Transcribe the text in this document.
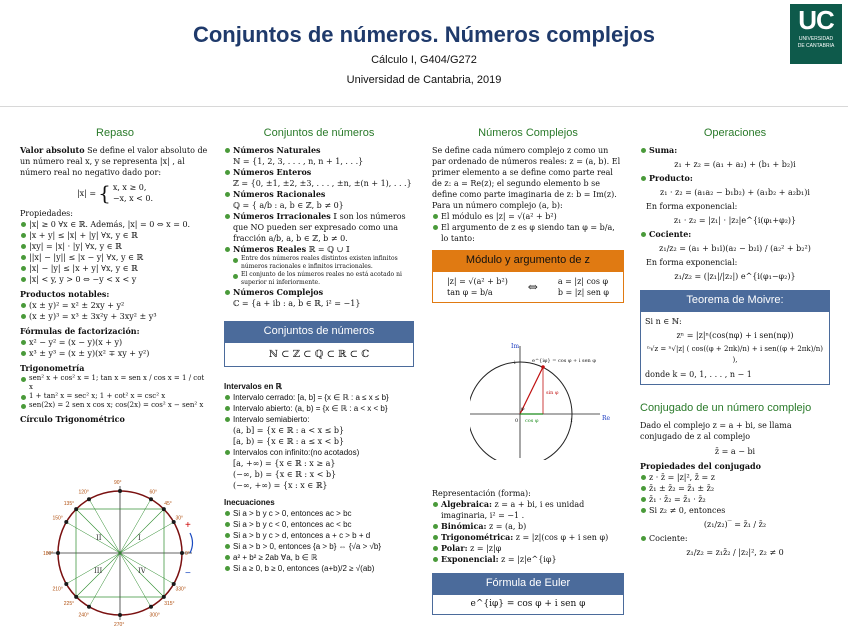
Conjuntos de números. Números complejos
Cálculo I, G404/G272
Universidad de Cantabria, 2019
UC
UNIVERSIDAD
DE CANTABRIA
Repaso
Valor absoluto Se define el valor absoluto de un número real x, y se representa |x| , al número real no negativo dado por:
|x| = { x, x ≥ 0,
−x, x < 0.
Propiedades:
|x| ≥ 0 ∀x ∈ ℝ. Además, |x| = 0 ⇔ x = 0.
|x + y| ≤ |x| + |y| ∀x, y ∈ ℝ
|xy| = |x| · |y| ∀x, y ∈ ℝ
||x| − |y|| ≤ |x − y| ∀x, y ∈ ℝ
|x| − |y| ≤ |x + y| ∀x, y ∈ ℝ
|x| < y, y > 0 ⇔ −y < x < y
Productos notables:
(x ± y)² = x² ± 2xy + y²
(x ± y)³ = x³ ± 3x²y + 3xy² ± y³
Fórmulas de factorización:
x² − y² = (x − y)(x + y)
x³ ± y³ = (x ± y)(x² ∓ xy + y²)
Trigonometría
sen² x + cos² x = 1; tan x = sen x / cos x = 1 / cot x
1 + tan² x = sec² x; 1 + cot² x = csc² x
sen(2x) = 2 sen x cos x; cos(2x) = cos² x − sen² x
Círculo Trigonométrico
90°
60°
45°
30°
0°
330°
315°
300°
270°
240°
225°
210°
180°
150°
135°
120°
+
−
I
II
III	IV
Conjuntos de números
Números Naturales
ℕ = {1, 2, 3, . . . , n, n + 1, . . .}
Números Enteros
ℤ = {0, ±1, ±2, ±3, . . . , ±n, ±(n + 1), . . .}
Números Racionales
ℚ = { a/b : a, b ∈ ℤ, b ≠ 0}
Números Irracionales 𝕀 son los números que NO pueden ser expresado como una fracción a/b, a, b ∈ ℤ, b ≠ 0.
Números Reales ℝ = ℚ ∪ 𝕀
Entre dos números reales distintos existen infinitos números racionales e infinitos irracionales.
El conjunto de los números reales no está acotado ni superior ni inferiormente.
Números Complejos
ℂ = {a + ib : a, b ∈ ℝ, i² = −1}
Conjuntos de números
ℕ ⊂ ℤ ⊂ ℚ ⊂ ℝ ⊂ ℂ
Intervalos en ℝ
Intervalo cerrado: [a, b] = {x ∈ ℝ : a ≤ x ≤ b}
Intervalo abierto: (a, b) = {x ∈ ℝ : a < x < b}
Intervalo semiabierto:
(a, b] = {x ∈ ℝ : a < x ≤ b}
[a, b) = {x ∈ ℝ : a ≤ x < b}
Intervalos con infinito:(no acotados)
[a, +∞) = {x ∈ ℝ : x ≥ a}
(−∞, b) = {x ∈ ℝ : x < b}
(−∞, +∞) = {x : x ∈ ℝ}
Inecuaciones
Si a > b y c > 0, entonces ac > bc
Si a > b y c < 0, entonces ac < bc
Si a > b y c > d, entonces a + c > b + d
Si a > b > 0, entonces {a > b} ⇔ {√a > √b}
a² + b² ≥ 2ab ∀a, b ∈ ℝ
Si a ≥ 0, b ≥ 0, entonces (a+b)/2 ≥ √(ab)
Números Complejos
Se define cada número complejo z como un par ordenado de números reales: z = (a, b). El primer elemento a se define como parte real de z: a = Re(z); el segundo elemento b se define como parte imaginaria de z: b = Im(z).
Para un número complejo (a, b):
El módulo es |z| = √(a² + b²)
El argumento de z es φ siendo tan φ = b/a, lo tanto:
Módulo y argumento de z
|z| = √(a² + b²)
tan φ = b/a	⇔ a = |z| cos φ
b = |z| sen φ
Im
Re
e^{iφ} = cos φ + i sen φ
sin φ
cos φ
φ
0	1
i
Representación (forma):
Algebraica: z = a + bi, i es unidad imaginaria, i² = −1 .
Binómica: z = (a, b)
Trigonométrica: z = |z|(cos φ + i sen φ)
Polar: z = |z|φ
Exponencial: z = |z|e^{iφ}
Fórmula de Euler
e^{iφ} = cos φ + i sen φ
Operaciones
Suma:
z₁ + z₂ = (a₁ + a₂) + (b₁ + b₂)i
Producto:
z₁ · z₂ = (a₁a₂ − b₁b₂) + (a₁b₂ + a₂b₁)i
En forma exponencial:
z₁ · z₂ = |z₁| · |z₂|e^{i(φ₁+φ₂)}
Cociente:
z₁/z₂ = (a₁ + b₁i)(a₂ − b₂i) / (a₂² + b₂²)
En forma exponencial:
z₁/z₂ = (|z₁|/|z₂|) e^{i(φ₁−φ₂)}
Teorema de Moivre:
Si n ∈ ℕ:
zⁿ = |z|ⁿ(cos(nφ) + i sen(nφ))
ⁿ√z = ⁿ√|z| ( cos((φ + 2πk)/n) + i sen((φ + 2πk)/n) ),
donde k = 0, 1, . . . , n − 1
Conjugado de un número complejo
Dado el complejo z = a + bi, se llama conjugado de z al complejo
z̄ = a − bi
Propiedades del conjugado
z · z̄ = |z|², z̄̄ = z
z̄₁ ± z̄₂ = z̄₁ ± z̄₂
z̄₁ · z̄₂ = z̄₁ · z̄₂
Si z₂ ≠ 0, entonces
(z₁/z₂)‾ = z̄₁ / z̄₂
Cociente:
z₁/z₂ = z₁z̄₂ / |z₂|², z₂ ≠ 0
